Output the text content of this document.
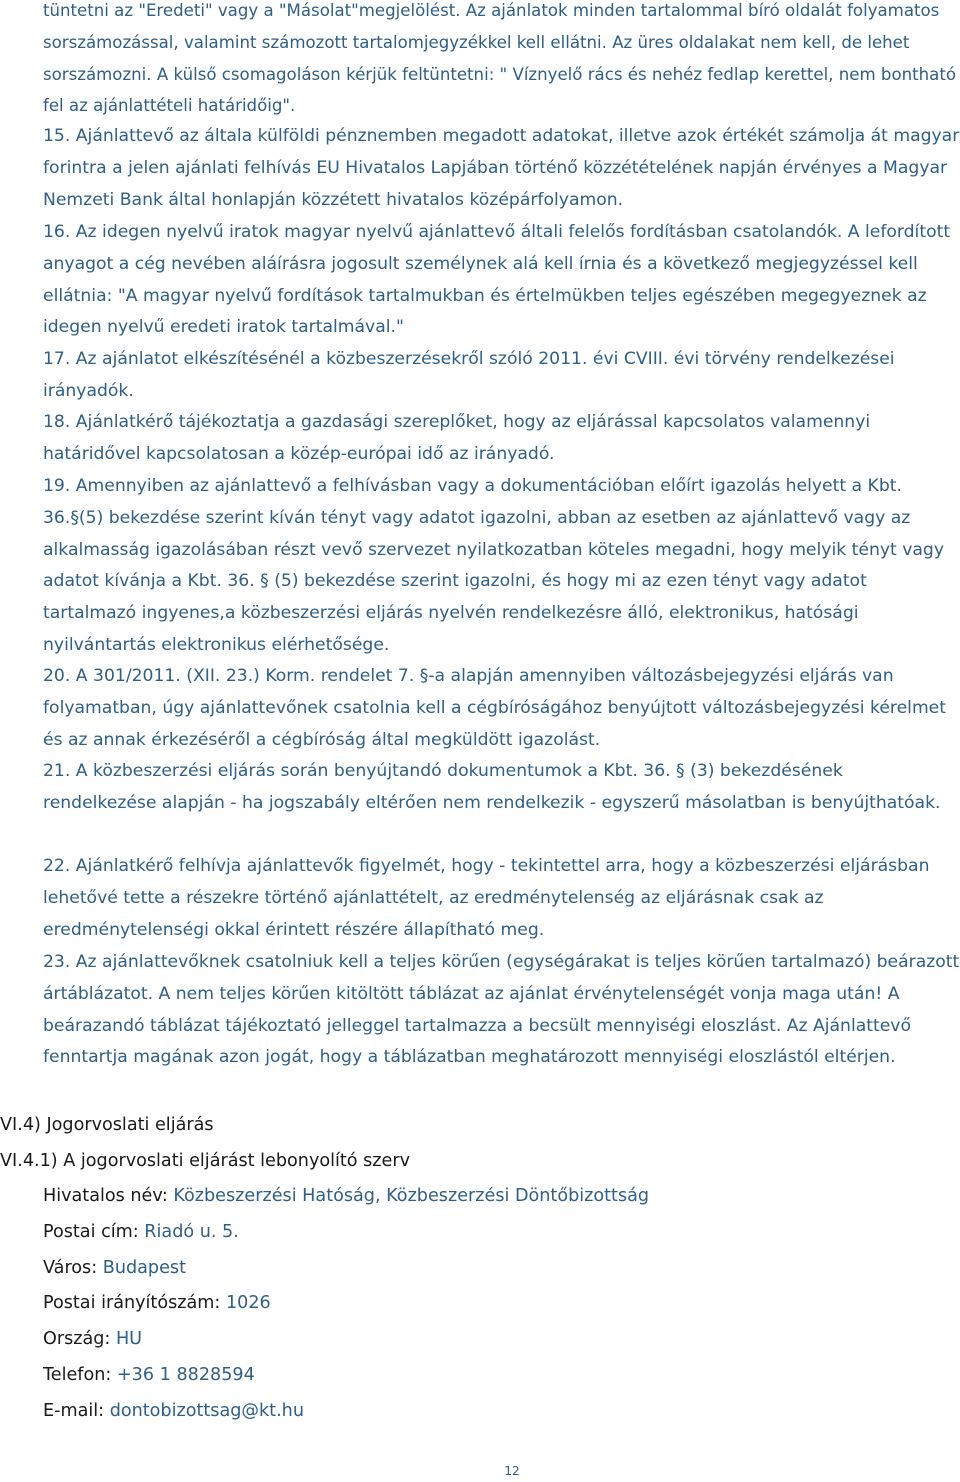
tüntetni az "Eredeti" vagy a "Másolat"megjelölést. Az ajánlatok minden tartalommal bíró oldalát folyamatos sorszámozással, valamint számozott tartalomjegyzékkel kell ellátni. Az üres oldalakat nem kell, de lehet sorszámozni. A külső csomagoláson kérjük feltüntetni: " Víznyelő rács és nehéz fedlap kerettel, nem bontható fel az ajánlattételi határidőig".

15. Ajánlattevő az általa külföldi pénznemben megadott adatokat, illetve azok értékét számolja át magyar forintra a jelen ajánlati felhívás EU Hivatalos Lapjában történő közzétételének napján érvényes a Magyar Nemzeti Bank által honlapján közzétett hivatalos középárfolyamon.

16. Az idegen nyelvű iratok magyar nyelvű ajánlattevő általi felelős fordításban csatolandók. A lefordított anyagot a cég nevében aláírásra jogosult személynek alá kell írnia és a következő megjegyzéssel kell ellátnia: "A magyar nyelvű fordítások tartalmukban és értelmükben teljes egészében megegyeznek az idegen nyelvű eredeti iratok tartalmával."

17. Az ajánlatot elkészítésénél a közbeszerzésekről szóló 2011. évi CVIII. évi törvény rendelkezései irányadók.

18. Ajánlatkérő tájékoztatja a gazdasági szereplőket, hogy az eljárással kapcsolatos valamennyi határidővel kapcsolatosan a közép-európai idő az irányadó.

19. Amennyiben az ajánlattevő a felhívásban vagy a dokumentációban előírt igazolás helyett a Kbt. 36.§(5) bekezdése szerint kíván tényt vagy adatot igazolni, abban az esetben az ajánlattevő vagy az alkalmasság igazolásában részt vevő szervezet nyilatkozatban köteles megadni, hogy melyik tényt vagy adatot kívánja a Kbt. 36. § (5) bekezdése szerint igazolni, és hogy mi az ezen tényt vagy adatot tartalmazó ingyenes,a közbeszerzési eljárás nyelvén rendelkezésre álló, elektronikus, hatósági nyilvántartás elektronikus elérhetősége.

20. A 301/2011. (XII. 23.) Korm. rendelet 7. §-a alapján amennyiben változásbejegyzési eljárás van folyamatban, úgy ajánlattevőnek csatolnia kell a cégbíróságához benyújtott változásbejegyzési kérelmet és az annak érkezéséről a cégbíróság által megküldött igazolást.

21. A közbeszerzési eljárás során benyújtandó dokumentumok a Kbt. 36. § (3) bekezdésének rendelkezése alapján - ha jogszabály eltérően nem rendelkezik - egyszerű másolatban is benyújthatóak.

22. Ajánlatkérő felhívja ajánlattevők figyelmét, hogy - tekintettel arra, hogy a közbeszerzési eljárásban lehetővé tette a részekre történő ajánlattételt, az eredménytelenség az eljárásnak csak az eredménytelenségi okkal érintett részére állapítható meg.

23. Az ajánlattevőknek csatolniuk kell a teljes körűen (egységárakat is teljes körűen tartalmazó) beárazott ártáblázatot. A nem teljes körűen kitöltött táblázat az ajánlat érvénytelenségét vonja maga után! A beárazandó táblázat tájékoztató jelleggel tartalmazza a becsült mennyiségi eloszlást. Az Ajánlattevő fenntartja magának azon jogát, hogy a táblázatban meghatározott mennyiségi eloszlástól eltérjen.

VI.4) Jogorvoslati eljárás

VI.4.1) A jogorvoslati eljárást lebonyolító szerv

Hivatalos név: Közbeszerzési Hatóság, Közbeszerzési Döntőbizottság

Postai cím: Riadó u. 5.

Város: Budapest

Postai irányítószám: 1026

Ország: HU

Telefon: +36 1 8828594

E-mail: dontobizottsag@kt.hu

12
